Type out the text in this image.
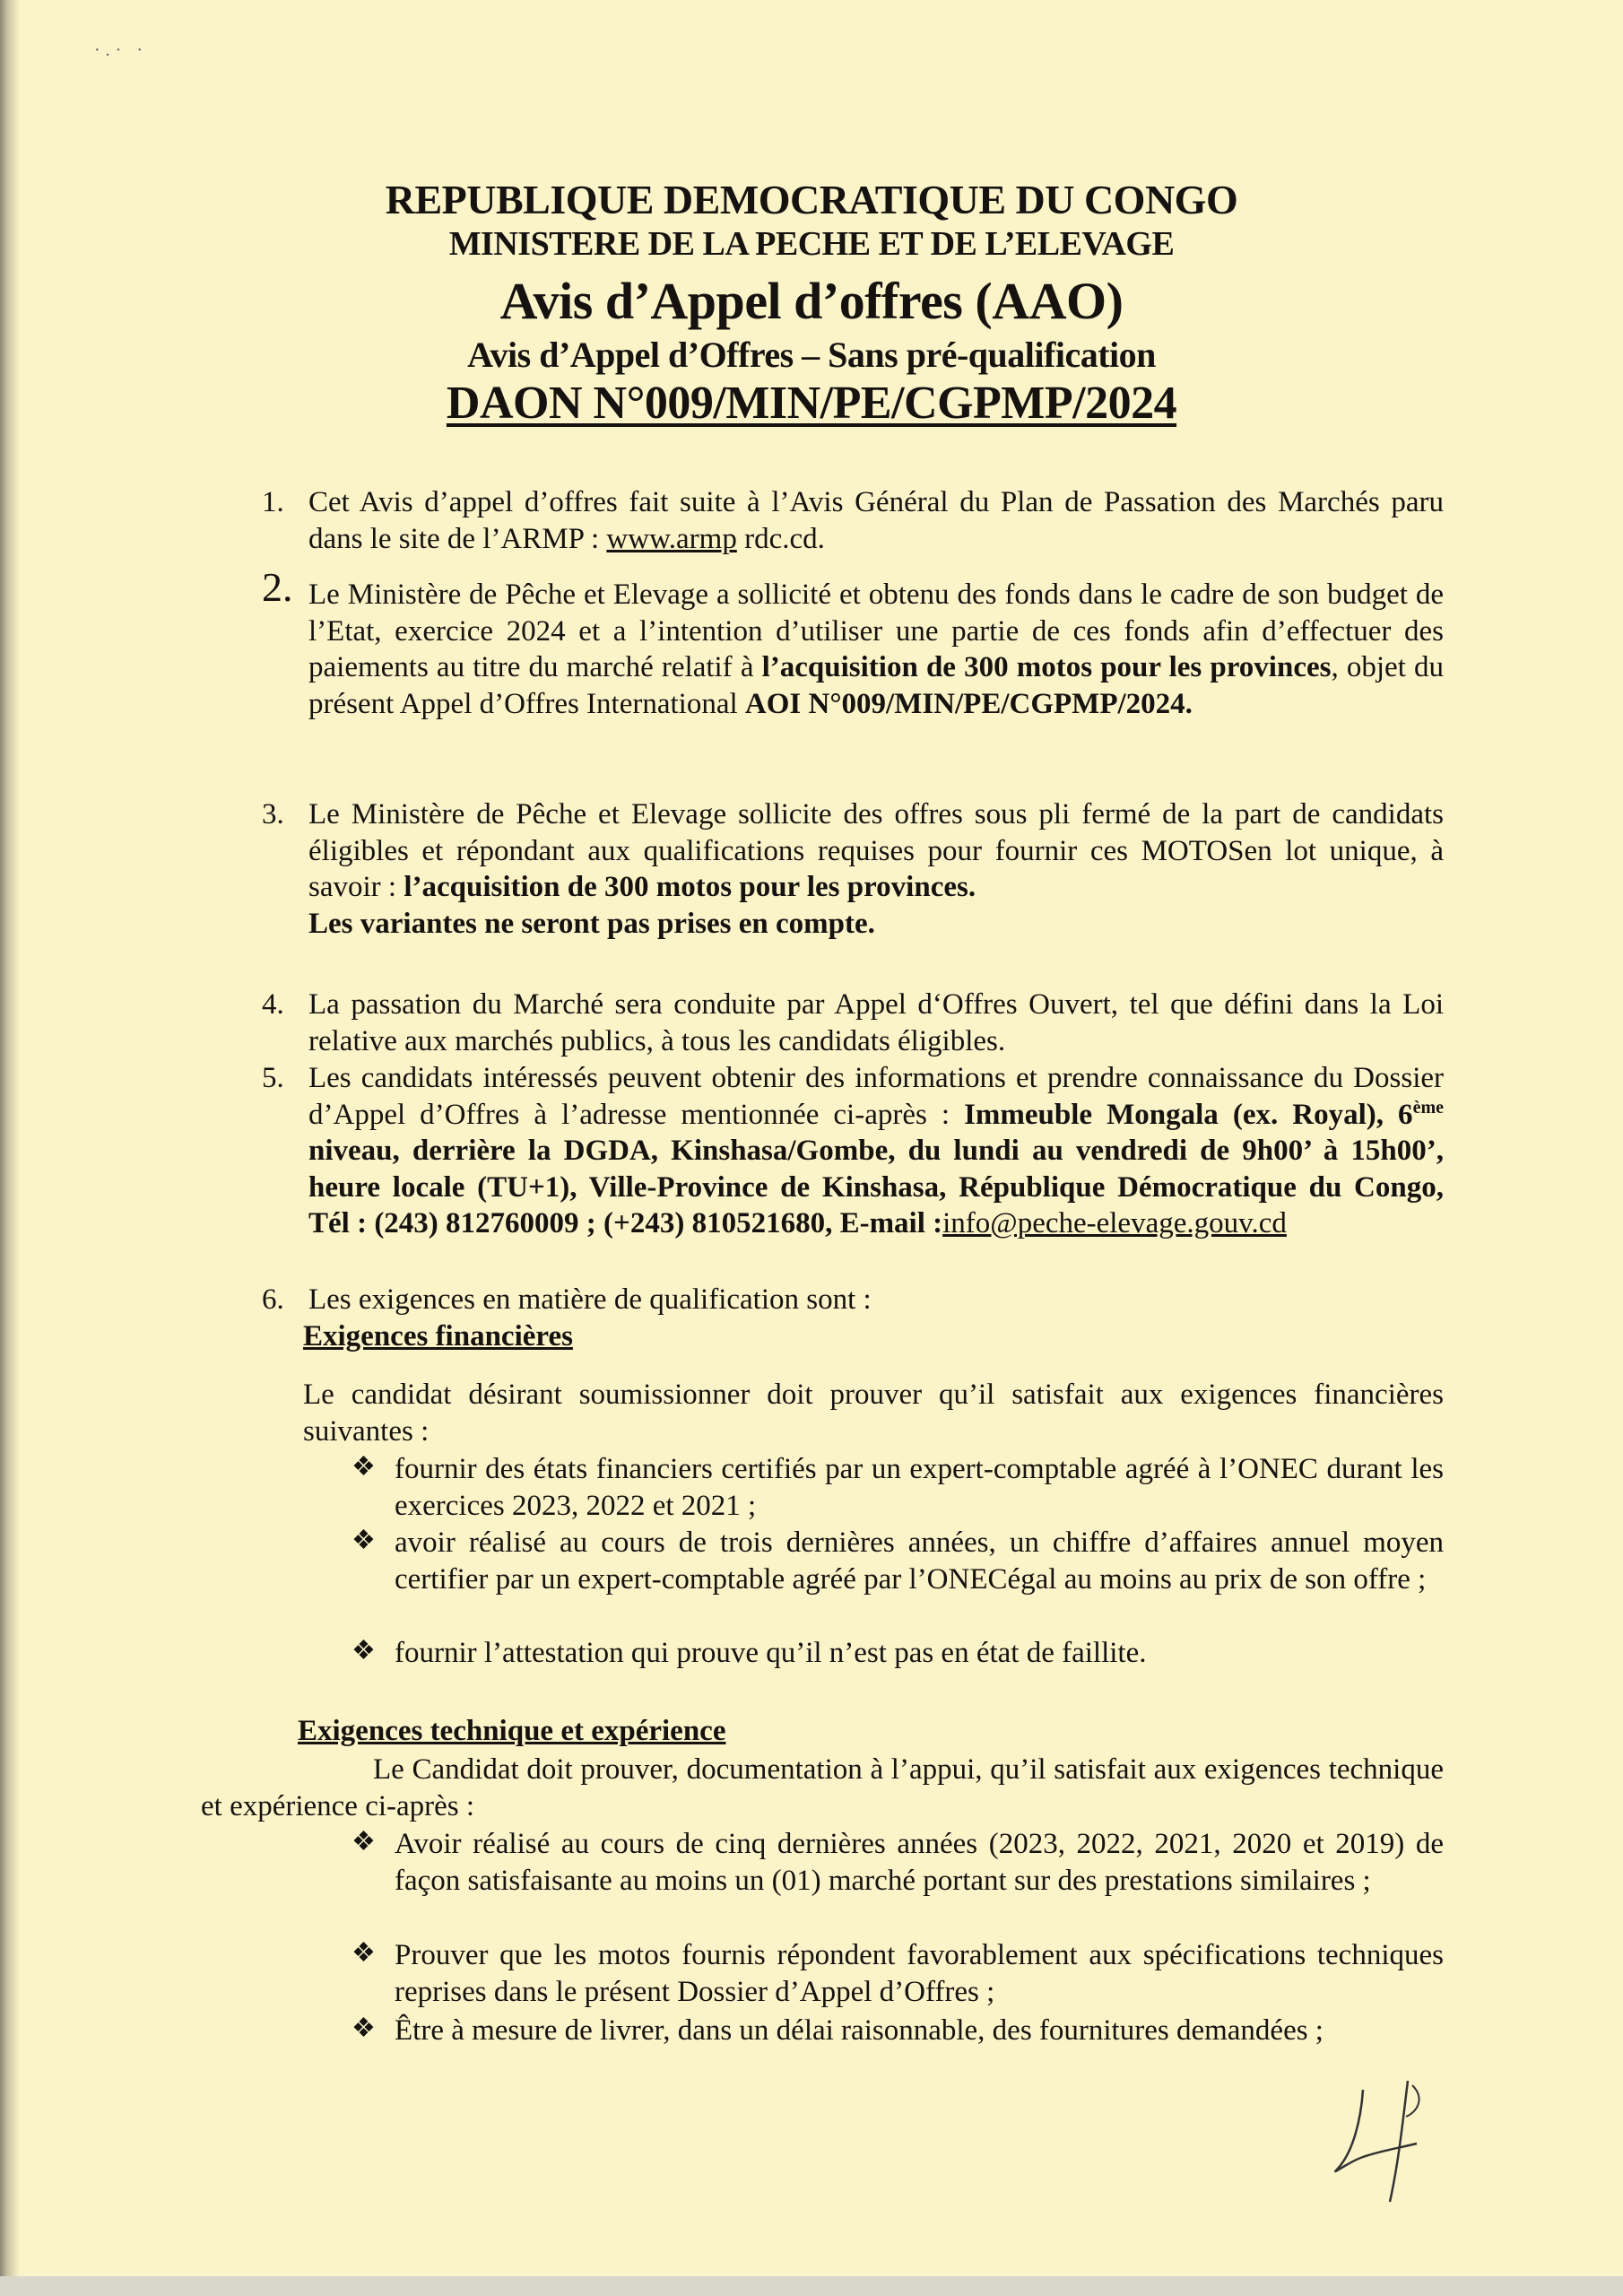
·.· ·
REPUBLIQUE DEMOCRATIQUE DU CONGO
MINISTERE DE LA PECHE ET DE L’ELEVAGE
Avis d’Appel d’offres (AAO)
Avis d’Appel d’Offres – Sans pré-qualification
DAON N°009/MIN/PE/CGPMP/2024
1. Cet Avis d’appel d’offres fait suite à l’Avis Général du Plan de Passation des Marchés paru dans le site de l’ARMP : www.armp rdc.cd.
2. Le Ministère de Pêche et Elevage a sollicité et obtenu des fonds dans le cadre de son budget de l’Etat, exercice 2024 et a l’intention d’utiliser une partie de ces fonds afin d’effectuer des paiements au titre du marché relatif à l’acquisition de 300 motos pour les provinces, objet du présent Appel d’Offres International AOI N°009/MIN/PE/CGPMP/2024.
3. Le Ministère de Pêche et Elevage sollicite des offres sous pli fermé de la part de candidats éligibles et répondant aux qualifications requises pour fournir ces MOTOSen lot unique, à savoir : l’acquisition de 300 motos pour les provinces.
Les variantes ne seront pas prises en compte.
4. La passation du Marché sera conduite par Appel d‘Offres Ouvert, tel que défini dans la Loi relative aux marchés publics, à tous les candidats éligibles.
5. Les candidats intéressés peuvent obtenir des informations et prendre connaissance du Dossier d’Appel d’Offres à l’adresse mentionnée ci-après : Immeuble Mongala (ex. Royal), 6ème niveau, derrière la DGDA, Kinshasa/Gombe, du lundi au vendredi de 9h00’ à 15h00’, heure locale (TU+1), Ville-Province de Kinshasa, République Démocratique du Congo, Tél : (243) 812760009 ; (+243) 810521680, E-mail :info@peche-elevage.gouv.cd
6. Les exigences en matière de qualification sont :
Exigences financières
Le candidat désirant soumissionner doit prouver qu’il satisfait aux exigences financières suivantes :
❖ fournir des états financiers certifiés par un expert-comptable agréé à l’ONEC durant les exercices 2023, 2022 et 2021 ;
❖ avoir réalisé au cours de trois dernières années, un chiffre d’affaires annuel moyen certifier par un expert-comptable agréé par l’ONECégal au moins au prix de son offre ;
❖ fournir l’attestation qui prouve qu’il n’est pas en état de faillite.
Exigences technique et expérience
Le Candidat doit prouver, documentation à l’appui, qu’il satisfait aux exigences technique et expérience ci-après :
❖ Avoir réalisé au cours de cinq dernières années (2023, 2022, 2021, 2020 et 2019) de façon satisfaisante au moins un (01) marché portant sur des prestations similaires ;
❖ Prouver que les motos fournis répondent favorablement aux spécifications techniques reprises dans le présent Dossier d’Appel d’Offres ;
❖ Être à mesure de livrer, dans un délai raisonnable, des fournitures demandées ;
